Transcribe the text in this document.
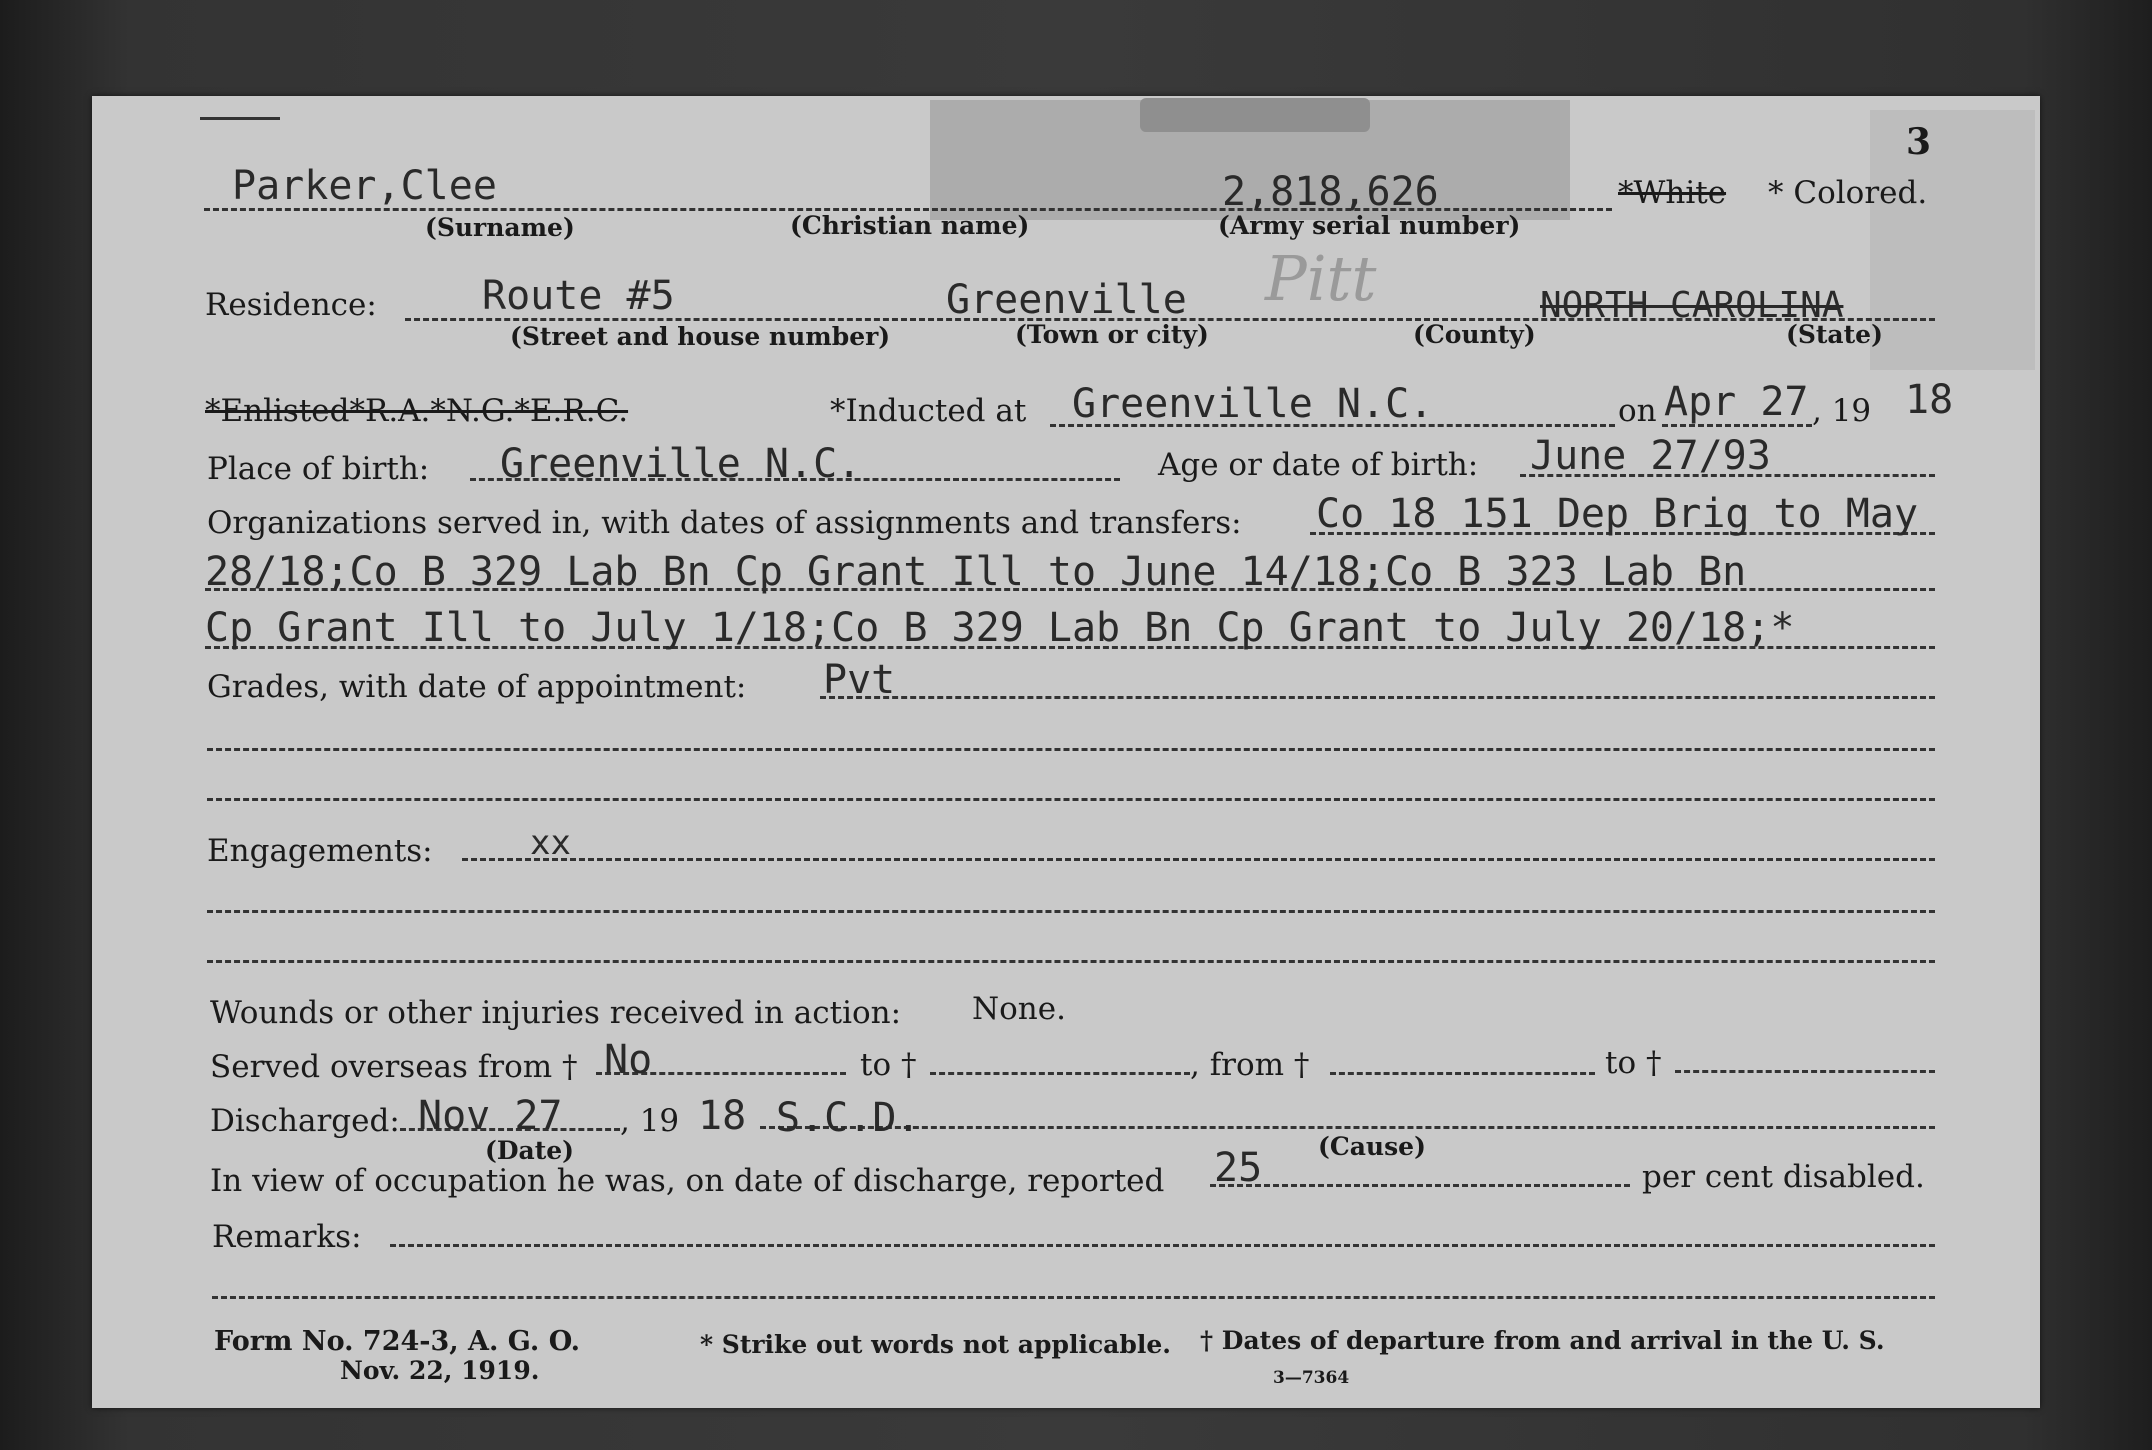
3
Parker,Clee
(Surname)	(Christian name)
2,818,626
(Army serial number)
*White * Colored.
Residence:	Route #5
(Street and house number)
Greenville
(Town or city)
Pitt
(County)
NORTH CAROLINA
(State)
*Enlisted*R.A.*N.G.*E.R.C.	*Inducted at Greenville N.C.	on Apr 27 , 19 18
Place of birth: Greenville N.C.	Age or date of birth: June 27/93
Organizations served in, with dates of assignments and transfers: Co 18 151 Dep Brig to May
28/18;Co B 329 Lab Bn Cp Grant Ill to June 14/18;Co B 323 Lab Bn
Cp Grant Ill to July 1/18;Co B 329 Lab Bn Cp Grant to July 20/18;*
Grades, with date of appointment: Pvt
Engagements:	xx
Wounds or other injuries received in action: None.
Served overseas from † No	to †	, from †	to †
Discharged: Nov 27
(Date)
, 19 18 S.C.D.
(Cause)
In view of occupation he was, on date of discharge, reported 25	per cent disabled.
Remarks:
Form No. 724-3, A. G. O.
Nov. 22, 1919.
* Strike out words not applicable. † Dates of departure from and arrival in the U. S.
3—7364
